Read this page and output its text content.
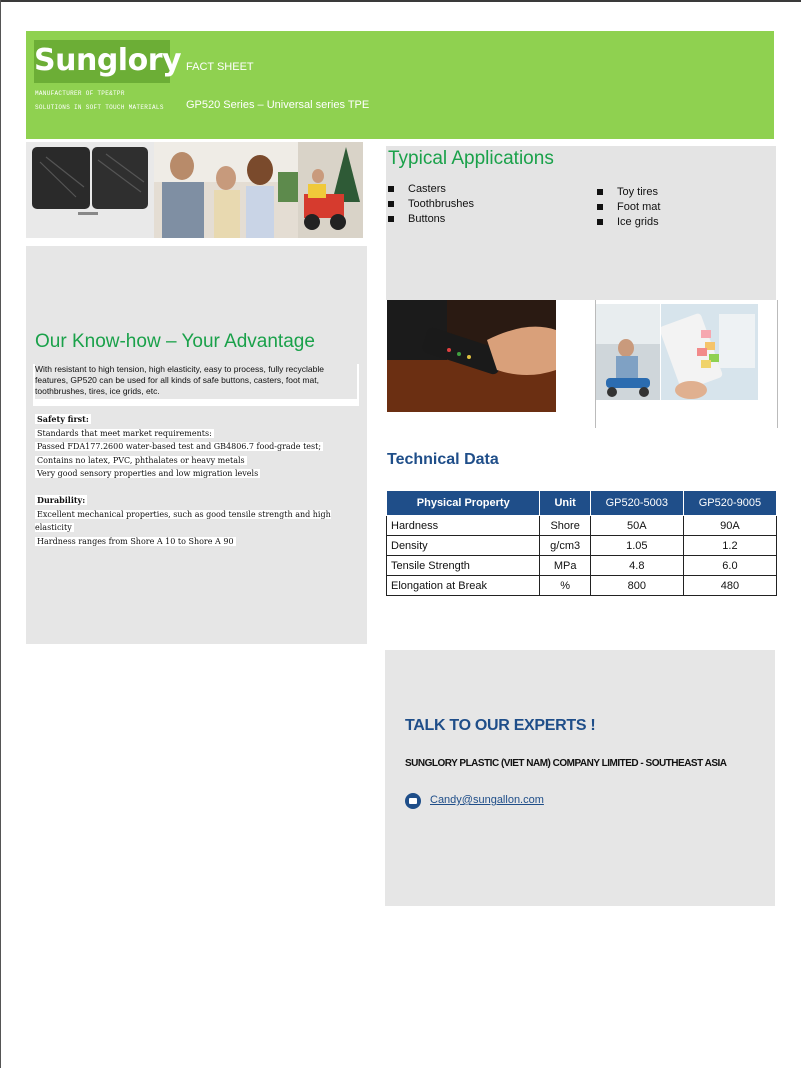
Sunglory
MANUFACTURER OF TPE&TPR
SOLUTIONS IN SOFT TOUCH MATERIALS
FACT SHEET
GP520 Series – Universal series TPE
Our Know-how – Your Advantage
With resistant to high tension, high elasticity, easy to process, fully recyclable features, GP520 can be used for all kinds of safe buttons, casters, foot mat, toothbrushes, tires, ice grids, etc.
Safety first:
Standards that meet market requirements:
Passed FDA177.2600 water-based test and GB4806.7 food-grade test;
Contains no latex, PVC, phthalates or heavy metals
Very good sensory properties and low migration levels
Durability:
Excellent mechanical properties, such as good tensile strength and high elasticity
Hardness ranges from Shore A 10 to Shore A 90
Typical Applications
Casters
Toothbrushes
Buttons
Toy tires
Foot mat
Ice grids
Technical Data
Physical Property	Unit	GP520-5003	GP520-9005
Hardness	Shore	50A	90A
Density	g/cm3	1.05	1.2
Tensile Strength	MPa	4.8	6.0
Elongation at Break	%	800	480
TALK TO OUR EXPERTS !
SUNGLORY PLASTIC (VIET NAM) COMPANY LIMITED - SOUTHEAST ASIA
Candy@sungallon.com
